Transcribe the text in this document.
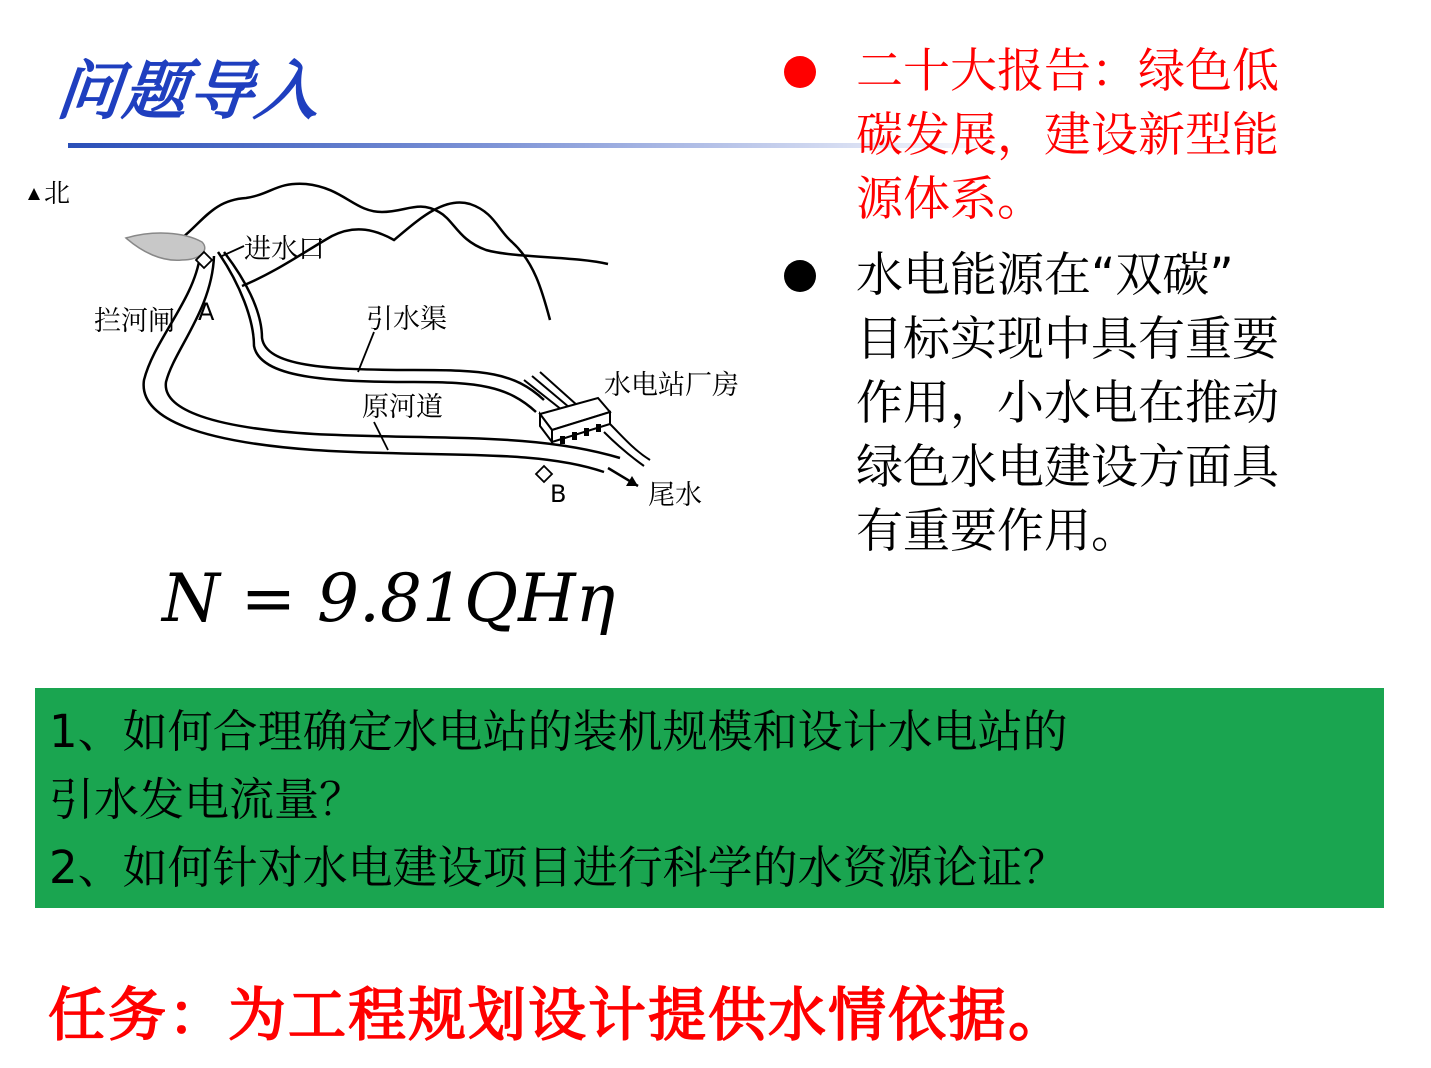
问题导入	二十大报告：绿色低
碳发展，建设新型能
源体系。
水电能源在“双碳”
目标实现中具有重要
作用，小水电在推动
绿色水电建设方面具
有重要作用。
北
进水口
拦河闸 A	引水渠
水电站厂房
原河道
B	尾水
N = 9.81QHη
1、如何合理确定水电站的装机规模和设计水电站的
引水发电流量？
2、如何针对水电建设项目进行科学的水资源论证？
任务：为工程规划设计提供水情依据。
